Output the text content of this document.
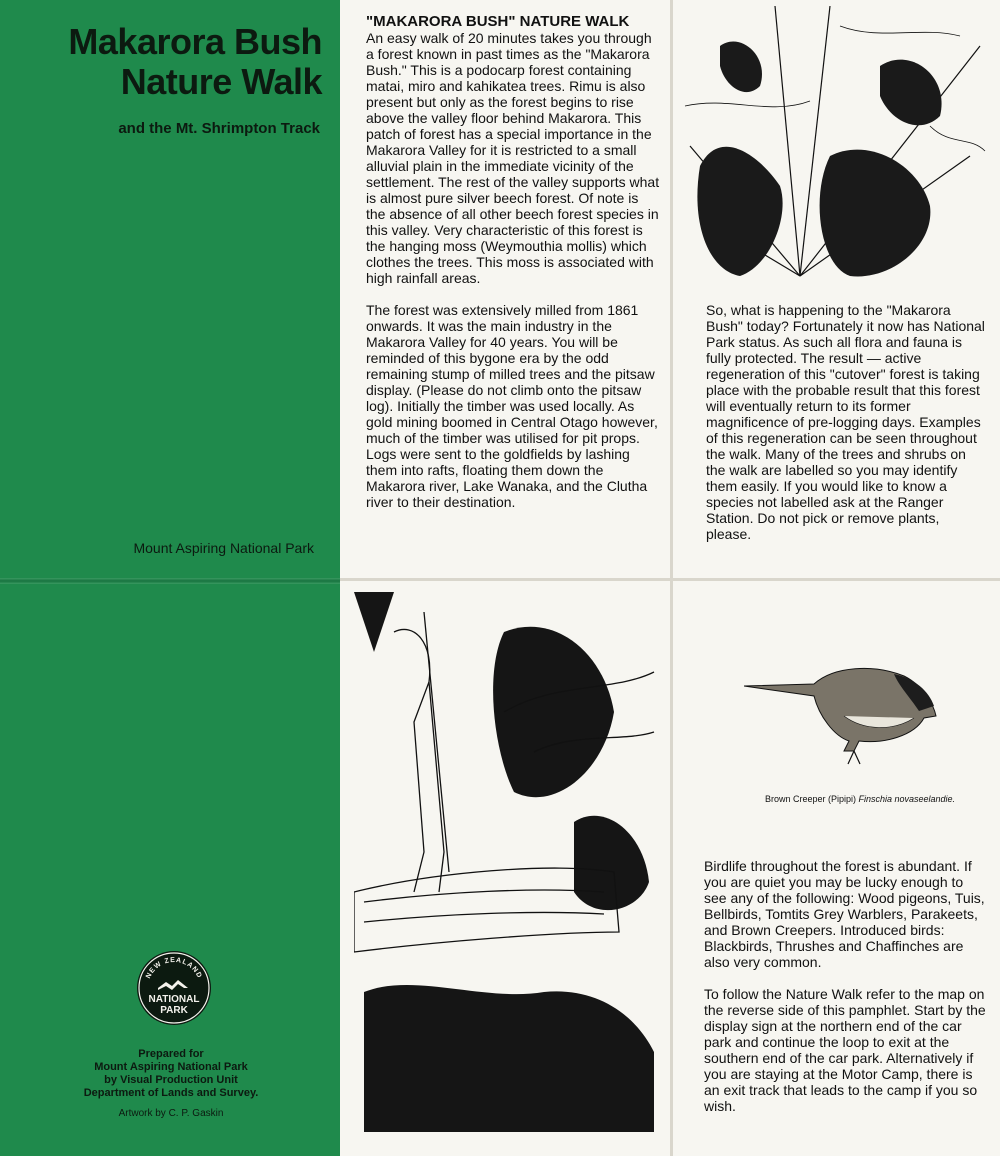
Makarora Bush
Nature Walk
and the Mt. Shrimpton Track
Mount Aspiring National Park
NEW ZEALAND
NATIONAL
PARK
Prepared for
Mount Aspiring National Park
by Visual Production Unit
Department of Lands and Survey.
Artwork by C. P. Gaskin
"MAKARORA BUSH" NATURE WALK

An easy walk of 20 minutes takes you through a forest known in past times as the "Makarora Bush." This is a podocarp forest containing matai, miro and kahikatea trees. Rimu is also present but only as the forest begins to rise above the valley floor behind Makarora. This patch of forest has a special importance in the Makarora Valley for it is restricted to a small alluvial plain in the immediate vicinity of the settlement. The rest of the valley supports what is almost pure silver beech forest. Of note is the absence of all other beech forest species in this valley. Very characteristic of this forest is the hanging moss (Weymouthia mollis) which clothes the trees. This moss is associated with high rainfall areas.

The forest was extensively milled from 1861 onwards. It was the main industry in the Makarora Valley for 40 years. You will be reminded of this bygone era by the odd remaining stump of milled trees and the pitsaw display. (Please do not climb onto the pitsaw log). Initially the timber was used locally. As gold mining boomed in Central Otago however, much of the timber was utilised for pit props. Logs were sent to the goldfields by lashing them into rafts, floating them down the Makarora river, Lake Wanaka, and the Clutha river to their destination.

So, what is happening to the "Makarora Bush" today? Fortunately it now has National Park status. As such all flora and fauna is fully protected. The result — active regeneration of this "cutover" forest is taking place with the probable result that this forest will eventually return to its former magnificence of pre-logging days. Examples of this regeneration can be seen throughout the walk. Many of the trees and shrubs on the walk are labelled so you may identify them easily. If you would like to know a species not labelled ask at the Ranger Station. Do not pick or remove plants, please.

Brown Creeper (Pipipi) Finschia novaseelandie.

Birdlife throughout the forest is abundant. If you are quiet you may be lucky enough to see any of the following: Wood pigeons, Tuis, Bellbirds, Tomtits Grey Warblers, Parakeets, and Brown Creepers. Introduced birds: Blackbirds, Thrushes and Chaffinches are also very common.

To follow the Nature Walk refer to the map on the reverse side of this pamphlet. Start by the display sign at the northern end of the car park and continue the loop to exit at the southern end of the car park. Alternatively if you are staying at the Motor Camp, there is an exit track that leads to the camp if you so wish.
